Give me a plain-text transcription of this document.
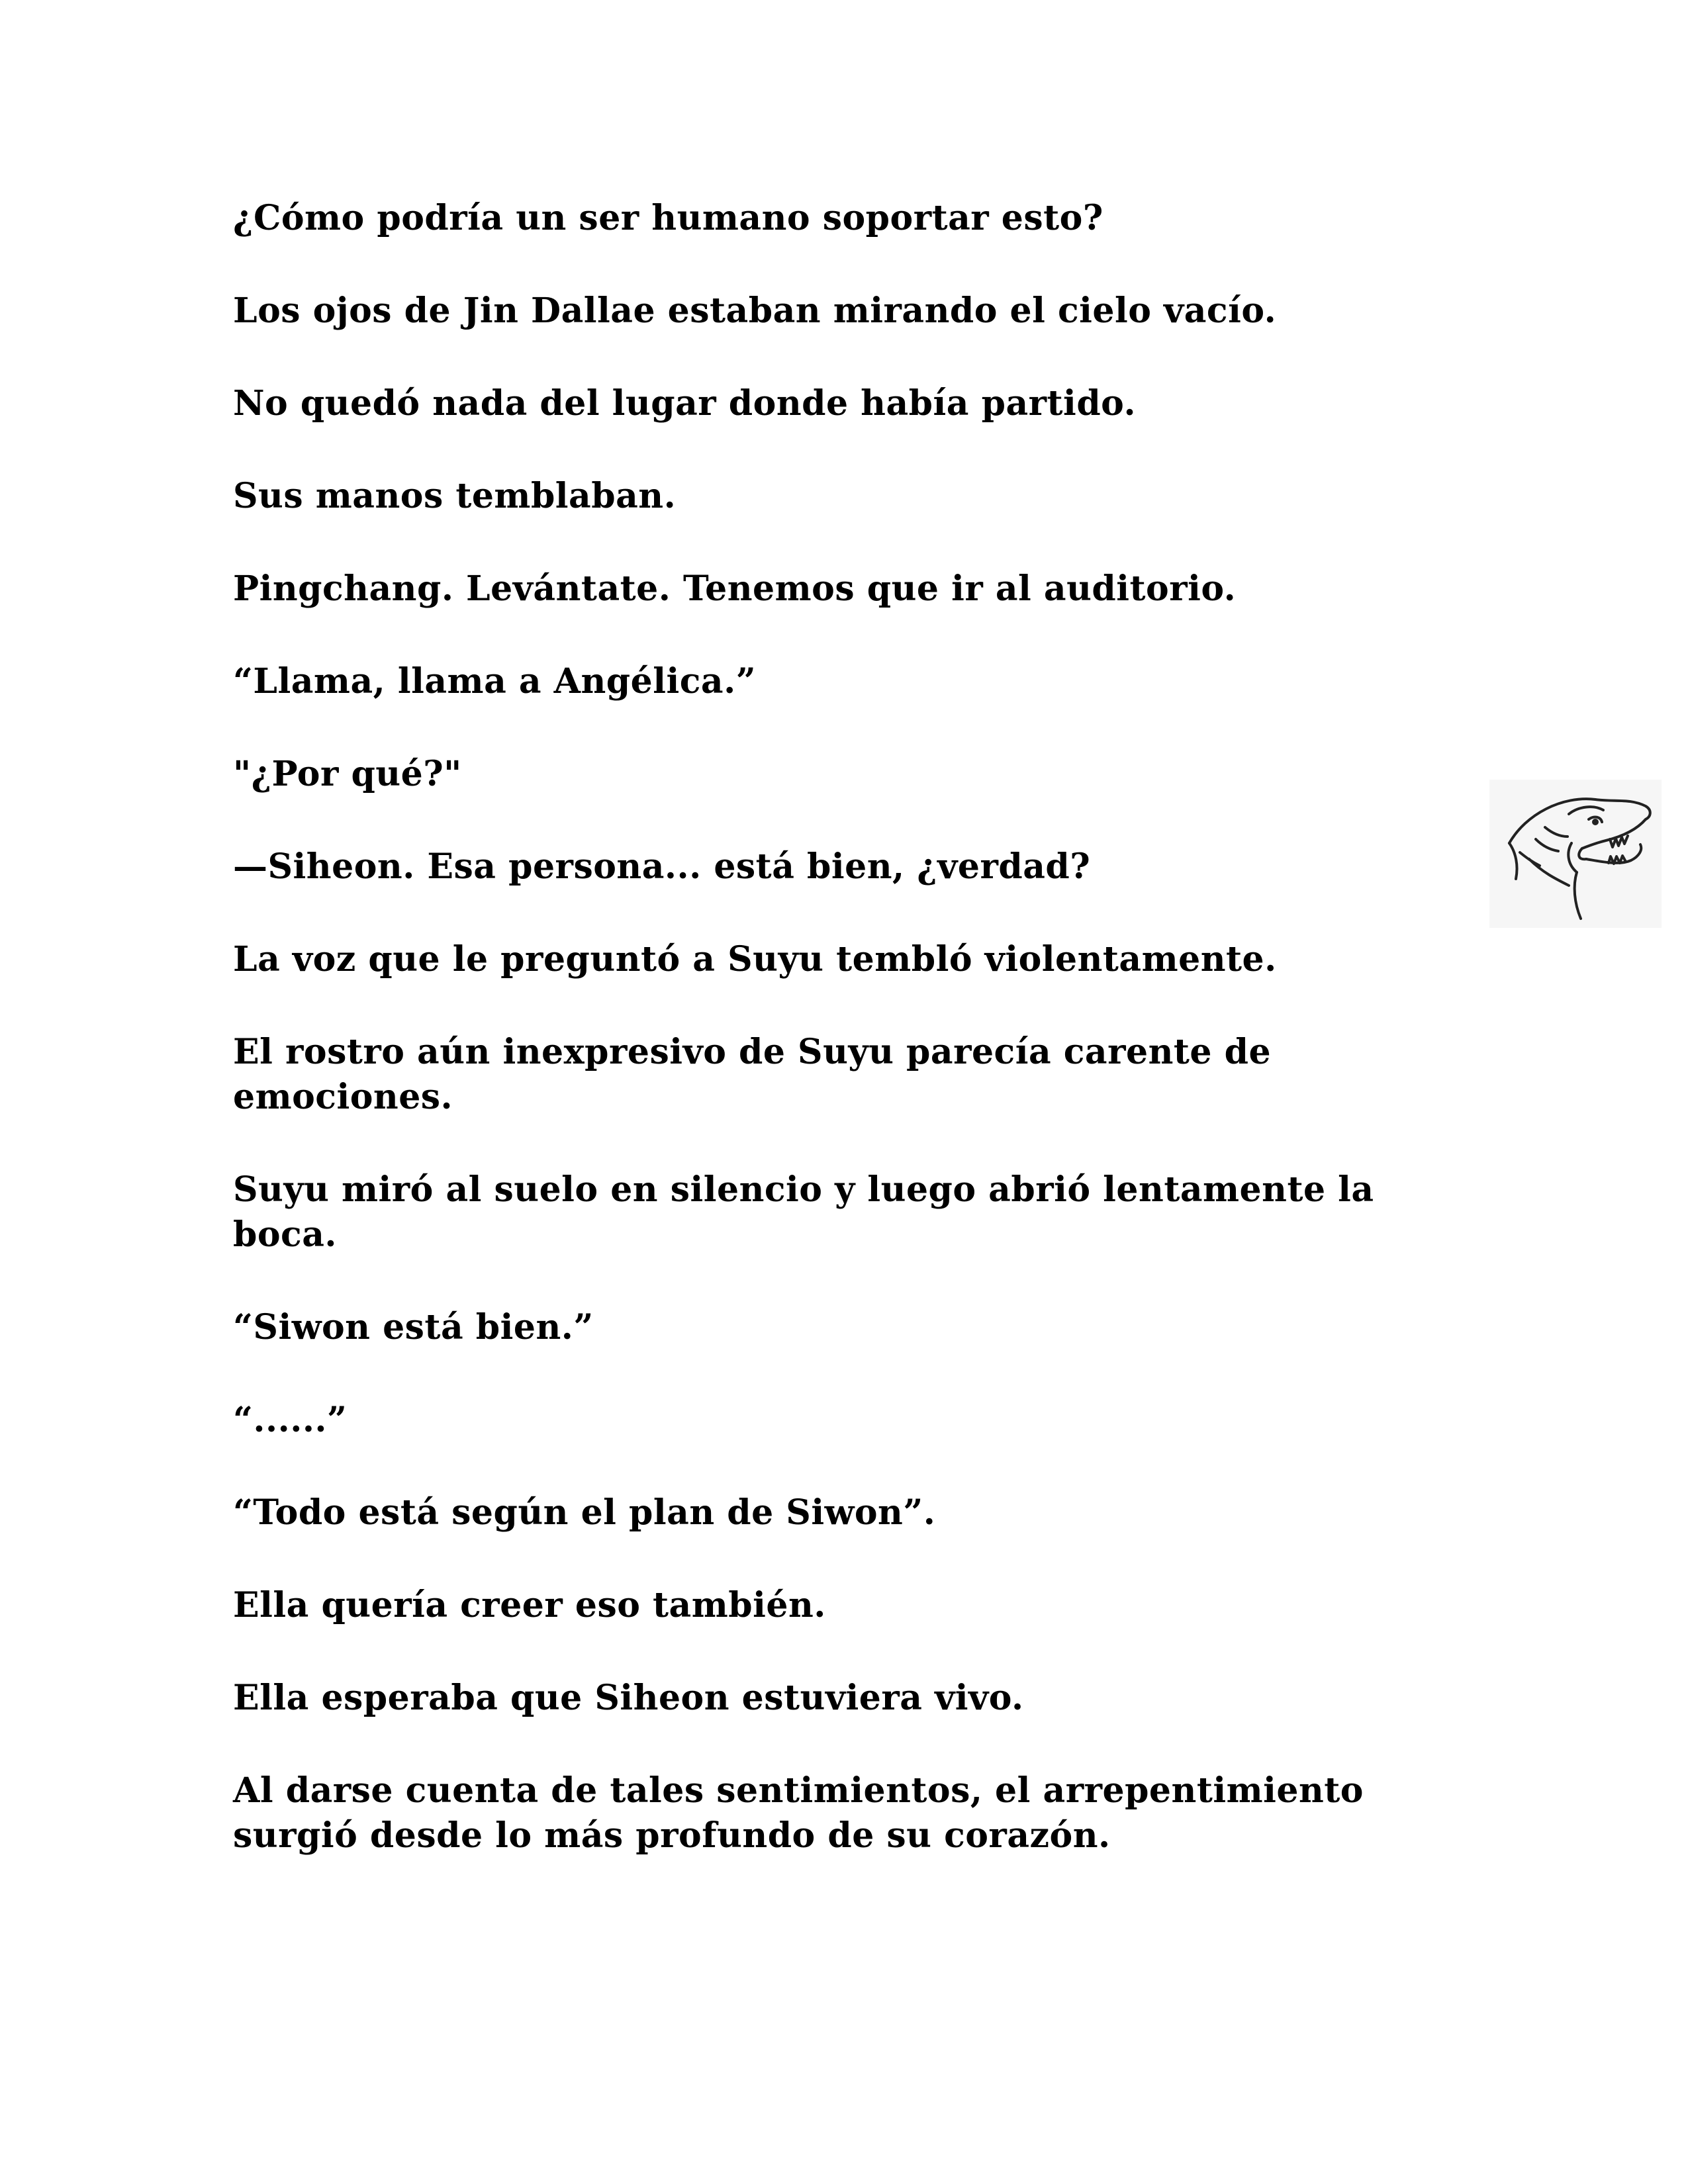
¿Cómo podría un ser humano soportar esto?

Los ojos de Jin Dallae estaban mirando el cielo vacío.

No quedó nada del lugar donde había partido.

Sus manos temblaban.

Pingchang. Levántate. Tenemos que ir al auditorio.

“Llama, llama a Angélica.”

"¿Por qué?"

—Siheon. Esa persona... está bien, ¿verdad?

La voz que le preguntó a Suyu tembló violentamente.

El rostro aún inexpresivo de Suyu parecía carente de emociones.

Suyu miró al suelo en silencio y luego abrió lentamente la boca.

“Siwon está bien.”

“......”

“Todo está según el plan de Siwon”.

Ella quería creer eso también.

Ella esperaba que Siheon estuviera vivo.

Al darse cuenta de tales sentimientos, el arrepentimiento surgió desde lo más profundo de su corazón.
